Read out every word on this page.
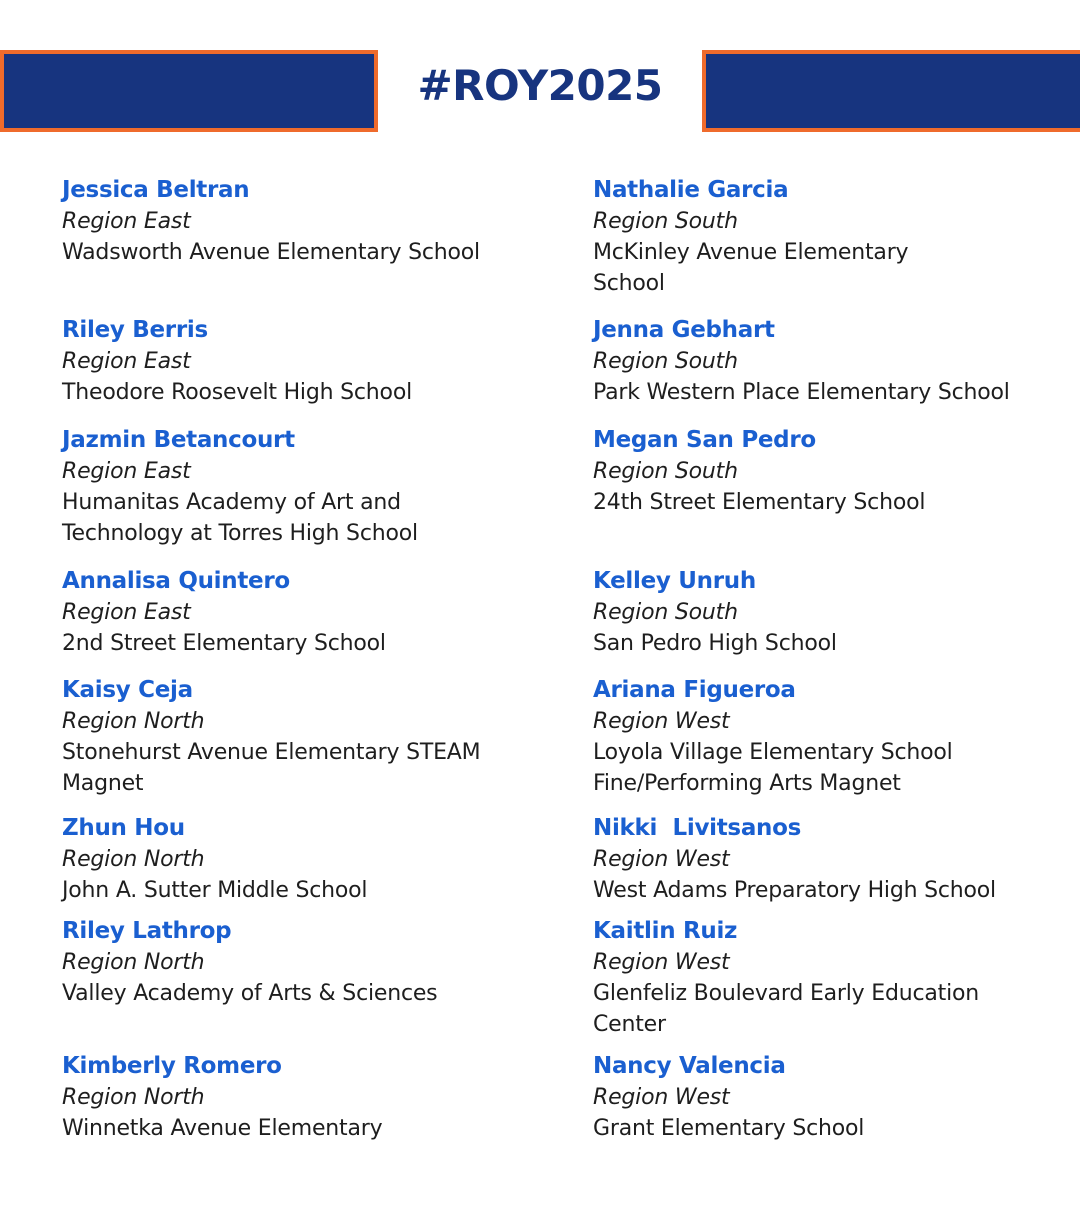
#ROY2025
Jessica Beltran
Region East
Wadsworth Avenue Elementary School
Riley Berris
Region East
Theodore Roosevelt High School
Jazmin Betancourt
Region East
Humanitas Academy of Art and Technology at Torres High School
Annalisa Quintero
Region East
2nd Street Elementary School
Kaisy Ceja
Region North
Stonehurst Avenue Elementary STEAM Magnet
Zhun Hou
Region North
John A. Sutter Middle School
Riley Lathrop
Region North
Valley Academy of Arts & Sciences
Kimberly Romero
Region North
Winnetka Avenue Elementary
Nathalie Garcia
Region South
McKinley Avenue Elementary School
Jenna Gebhart
Region South
Park Western Place Elementary School
Megan San Pedro
Region South
24th Street Elementary School
Kelley Unruh
Region South
San Pedro High School
Ariana Figueroa
Region West
Loyola Village Elementary School Fine/Performing Arts Magnet
Nikki  Livitsanos
Region West
West Adams Preparatory High School
Kaitlin Ruiz
Region West
Glenfeliz Boulevard Early Education Center
Nancy Valencia
Region West
Grant Elementary School
